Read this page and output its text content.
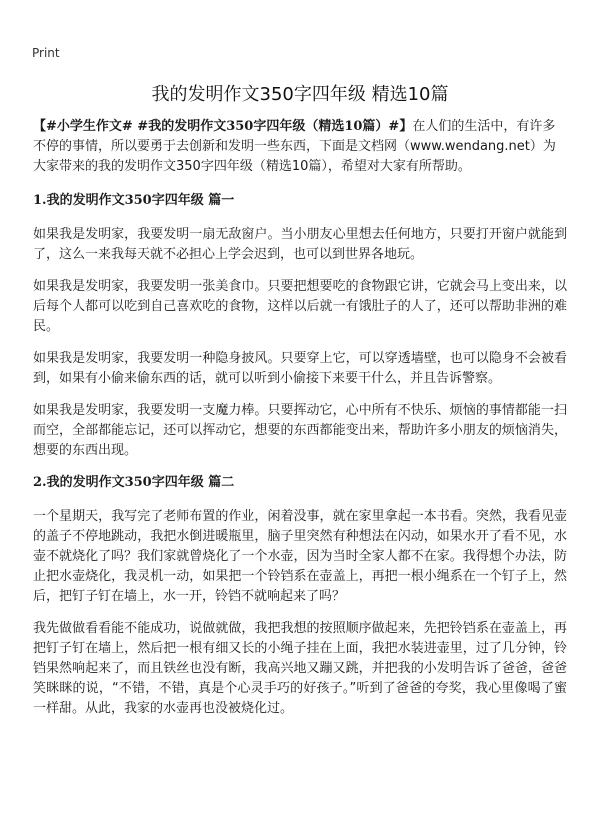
Print
我的发明作文350字四年级 精选10篇

【#小学生作文# #我的发明作文350字四年级（精选10篇）#】在人们的生活中，有许多不停的事情，所以要勇于去创新和发明一些东西，下面是文档网（www.wendang.net）为大家带来的我的发明作文350字四年级（精选10篇），希望对大家有所帮助。

1.我的发明作文350字四年级 篇一

如果我是发明家，我要发明一扇无敌窗户。当小朋友心里想去任何地方，只要打开窗户就能到了，这么一来我每天就不必担心上学会迟到，也可以到世界各地玩。

如果我是发明家，我要发明一张美食巾。只要把想要吃的食物跟它讲，它就会马上变出来，以后每个人都可以吃到自己喜欢吃的食物，这样以后就一有饿肚子的人了，还可以帮助非洲的难民。

如果我是发明家，我要发明一种隐身披风。只要穿上它，可以穿透墙壁，也可以隐身不会被看到，如果有小偷来偷东西的话，就可以听到小偷接下来要干什么，并且告诉警察。

如果我是发明家，我要发明一支魔力棒。只要挥动它，心中所有不快乐、烦恼的事情都能一扫而空，全部都能忘记，还可以挥动它，想要的东西都能变出来，帮助许多小朋友的烦恼消失，想要的东西出现。

2.我的发明作文350字四年级 篇二

一个星期天，我写完了老师布置的作业，闲着没事，就在家里拿起一本书看。突然，我看见壶的盖子不停地跳动，我把水倒进暖瓶里，脑子里突然有种想法在闪动，如果水开了看不见，水壶不就烧化了吗？我们家就曾烧化了一个水壶，因为当时全家人都不在家。我得想个办法，防止把水壶烧化，我灵机一动，如果把一个铃铛系在壶盖上，再把一根小绳系在一个钉子上，然后，把钉子钉在墙上，水一开，铃铛不就响起来了吗？

我先做做看看能不能成功，说做就做，我把我想的按照顺序做起来，先把铃铛系在壶盖上，再把钉子钉在墙上，然后把一根有细又长的小绳子挂在上面，我把水装进壶里，过了几分钟，铃铛果然响起来了，而且铁丝也没有断，我高兴地又蹦又跳，并把我的小发明告诉了爸爸，爸爸笑眯眯的说，“不错，不错，真是个心灵手巧的好孩子。”听到了爸爸的夸奖，我心里像喝了蜜一样甜。从此，我家的水壶再也没被烧化过。
